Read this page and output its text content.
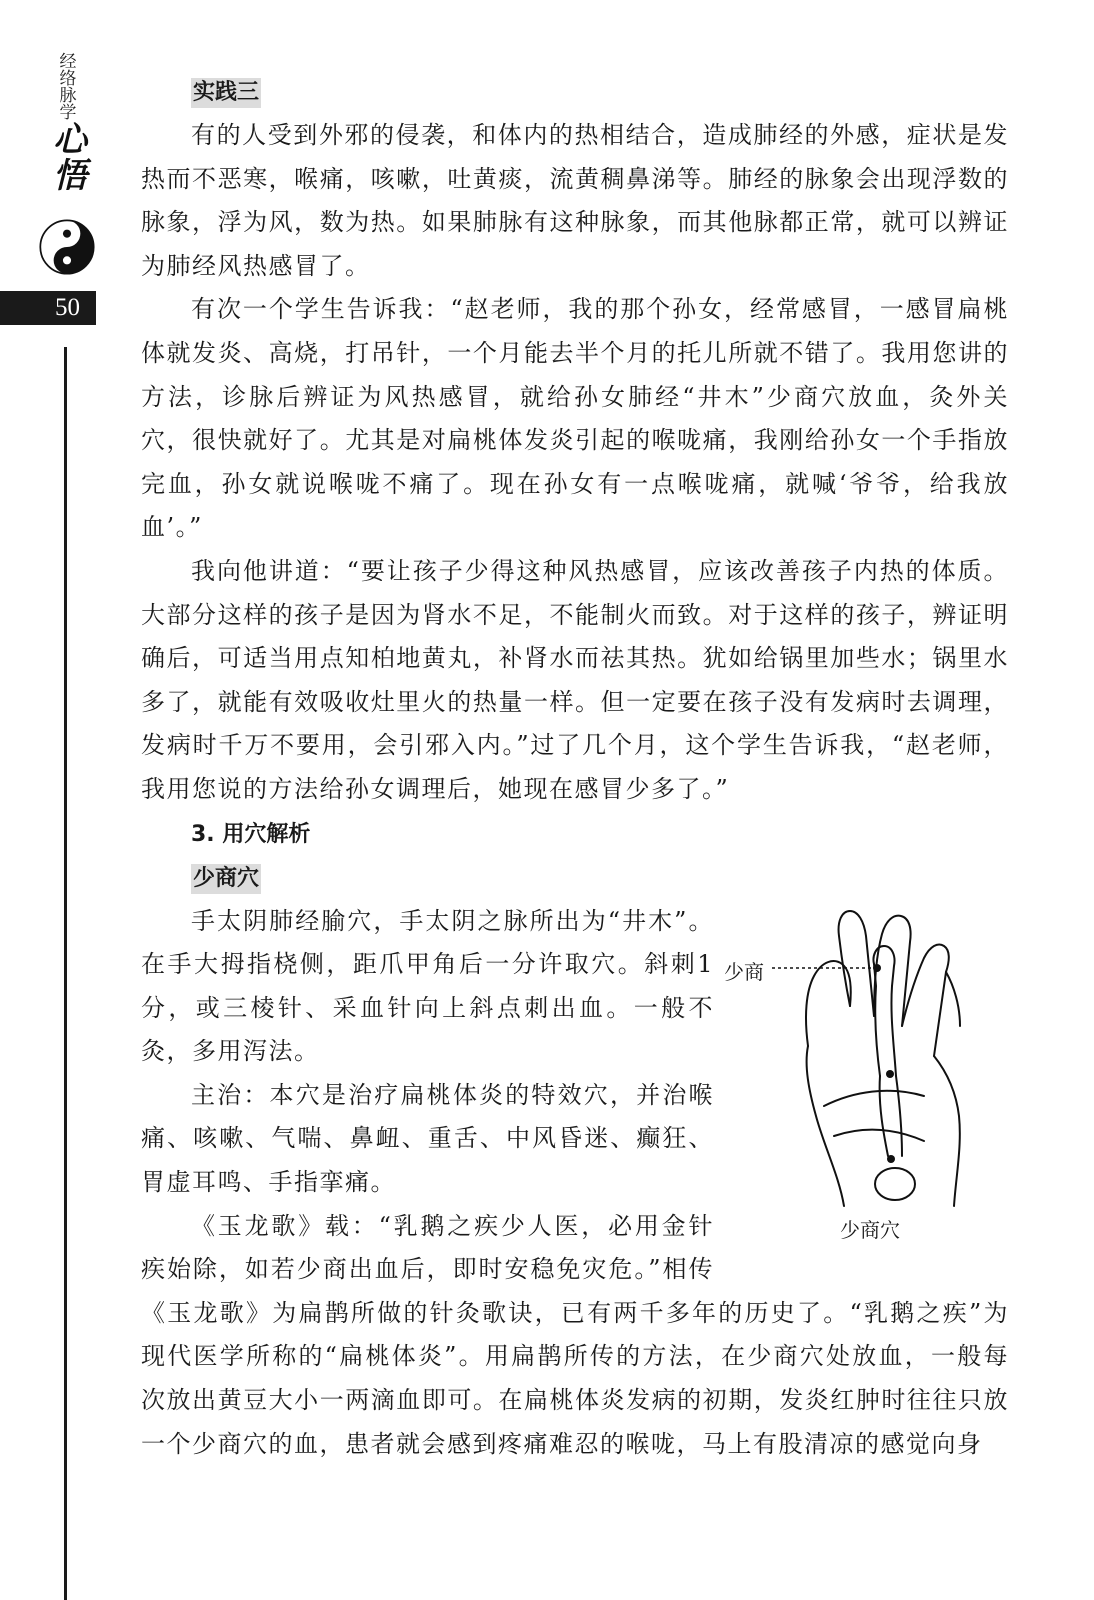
经络脉学
心悟
50
实践三

有的人受到外邪的侵袭，和体内的热相结合，造成肺经的外感，症状是发热而不恶寒，喉痛，咳嗽，吐黄痰，流黄稠鼻涕等。肺经的脉象会出现浮数的脉象，浮为风，数为热。如果肺脉有这种脉象，而其他脉都正常，就可以辨证为肺经风热感冒了。

有次一个学生告诉我：“赵老师，我的那个孙女，经常感冒，一感冒扁桃体就发炎、高烧，打吊针，一个月能去半个月的托儿所就不错了。我用您讲的方法，诊脉后辨证为风热感冒，就给孙女肺经“井木”少商穴放血，灸外关穴，很快就好了。尤其是对扁桃体发炎引起的喉咙痛，我刚给孙女一个手指放完血，孙女就说喉咙不痛了。现在孙女有一点喉咙痛，就喊‘爷爷，给我放血’。”

我向他讲道：“要让孩子少得这种风热感冒，应该改善孩子内热的体质。大部分这样的孩子是因为肾水不足，不能制火而致。对于这样的孩子，辨证明确后，可适当用点知柏地黄丸，补肾水而祛其热。犹如给锅里加些水；锅里水多了，就能有效吸收灶里火的热量一样。但一定要在孩子没有发病时去调理，发病时千万不要用，会引邪入内。”过了几个月，这个学生告诉我，“赵老师，我用您说的方法给孙女调理后，她现在感冒少多了。”

3. 用穴解析
少商穴
少商
少商穴

手太阴肺经腧穴，手太阴之脉所出为“井木”。在手大拇指桡侧，距爪甲角后一分许取穴。斜刺1分，或三棱针、采血针向上斜点刺出血。一般不灸，多用泻法。

主治：本穴是治疗扁桃体炎的特效穴，并治喉痛、咳嗽、气喘、鼻衄、重舌、中风昏迷、癫狂、胃虚耳鸣、手指挛痛。

《玉龙歌》载：“乳鹅之疾少人医，必用金针疾始除，如若少商出血后，即时安稳免灾危。”相传《玉龙歌》为扁鹊所做的针灸歌诀，已有两千多年的历史了。“乳鹅之疾”为现代医学所称的“扁桃体炎”。用扁鹊所传的方法，在少商穴处放血，一般每次放出黄豆大小一两滴血即可。在扁桃体炎发病的初期，发炎红肿时往往只放一个少商穴的血，患者就会感到疼痛难忍的喉咙，马上有股清凉的感觉向身
